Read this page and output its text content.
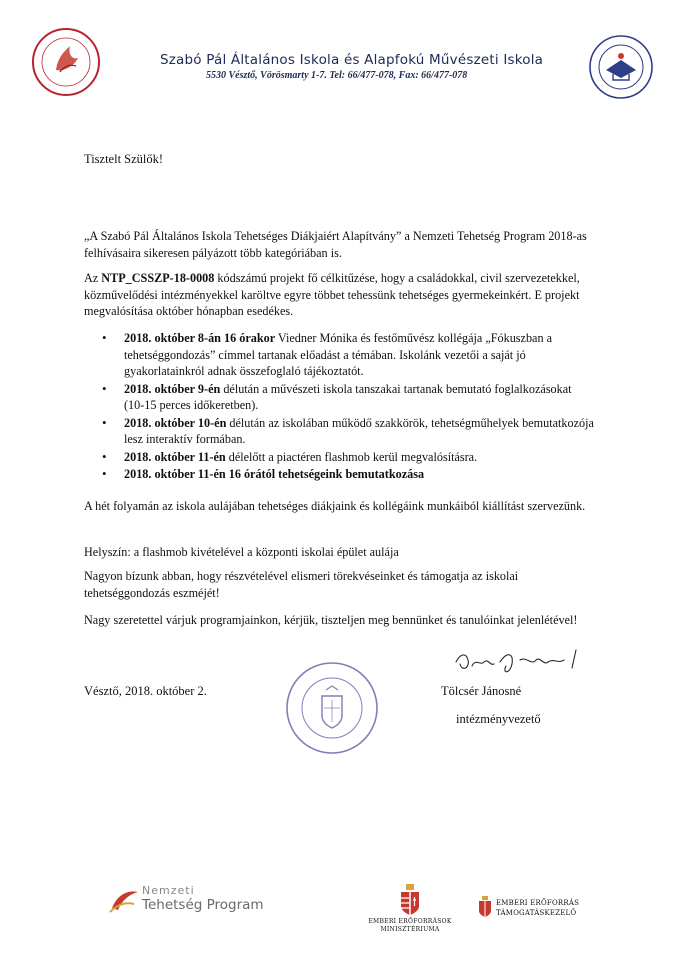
Szabó Pál Általános Iskola és Alapfokú Művészeti Iskola
5530 Vésztő, Vörösmarty 1-7. Tel: 66/477-078, Fax: 66/477-078
Tisztelt Szülők!
„A Szabó Pál Általános Iskola Tehetséges Diákjaiért Alapítvány” a Nemzeti Tehetség Program 2018-as felhívásaira sikeresen pályázott több kategóriában is.
Az NTP_CSSZP-18-0008 kódszámú projekt fő célkitűzése, hogy a családokkal, civil szervezetekkel, közművelődési intézményekkel karöltve egyre többet tehessünk tehetséges gyermekeinkért. E projekt megvalósítása október hónapban esedékes.
• 2018. október 8-án 16 órakor Viedner Mónika és festőművész kollégája „Fókuszban a tehetséggondozás” címmel tartanak előadást a témában. Iskolánk vezetői a saját jó gyakorlatainkról adnak összefoglaló tájékoztatót.
• 2018. október 9-én délután a művészeti iskola tanszakai tartanak bemutató foglalkozásokat (10-15 perces időkeretben).
• 2018. október 10-én délután az iskolában működő szakkörök, tehetségműhelyek bemutatkozója lesz interaktív formában.
• 2018. október 11-én délelőtt a piactéren flashmob kerül megvalósításra.
• 2018. október 11-én 16 órától tehetségeink bemutatkozása
A hét folyamán az iskola aulájában tehetséges diákjaink és kollégáink munkáiból kiállítást szervezünk.
Helyszín: a flashmob kivételével a központi iskolai épület aulája
Nagyon bízunk abban, hogy részvételével elismeri törekvéseinket és támogatja az iskolai tehetséggondozás eszméjét!
Nagy szeretettel várjuk programjainkon, kérjük, tiszteljen meg bennünket és tanulóinkat jelenlétével!
Vésztő, 2018. október 2.	Tölcsér Jánosné
intézményvezető
Nemzeti
Tehetség Program
EMBERI ERŐFORRÁSOK
MINISZTÉRIUMA
EMBERI ERŐFORRÁS
TÁMOGATÁSKEZELŐ
